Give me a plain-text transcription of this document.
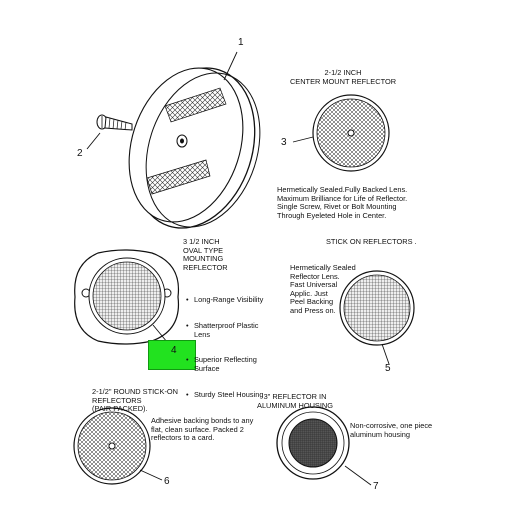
1
2
3
4
5
6	7
2-1/2 INCH
CENTER MOUNT REFLECTOR
Hermetically Sealed.Fully Backed Lens.
Maximum Brilliance for Life of Reflector.
Single Screw, Rivet or Bolt Mounting
Through Eyeleted Hole in Center.
3 1/2 INCH
OVAL TYPE
MOUNTING
REFLECTOR

• Long-Range Visibility

• Shatterproof Plastic
Lens

• Superior Reflecting
Surface

• Sturdy Steel Housing

STICK ON REFLECTORS .
Hermetically Sealed
Reflector Lens.
Fast Universal
Applic. Just
Peel Backing
and Press on.
2-1/2" ROUND STICK-ON
REFLECTORS
(PAIR PACKED).
Adhesive backing bonds to any
flat, clean surface. Packed 2
reflectors to a card.
3" REFLECTOR IN
ALUMINUM HOUSING
Non-corrosive, one piece
aluminum housing
